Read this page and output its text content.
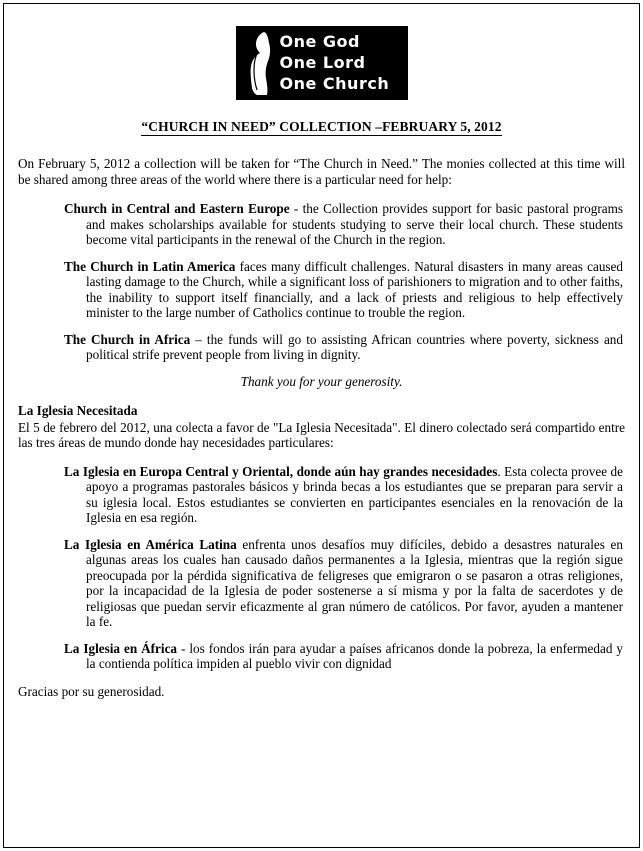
One God
One Lord
One Church
“CHURCH IN NEED” COLLECTION –FEBRUARY 5, 2012

On February 5, 2012 a collection will be taken for “The Church in Need.” The monies collected at this time will be shared among three areas of the world where there is a particular need for help:

Church in Central and Eastern Europe - the Collection provides support for basic pastoral programs and makes scholarships available for students studying to serve their local church. These students become vital participants in the renewal of the Church in the region.

The Church in Latin America faces many difficult challenges. Natural disasters in many areas caused lasting damage to the Church, while a significant loss of parishioners to migration and to other faiths, the inability to support itself financially, and a lack of priests and religious to help effectively minister to the large number of Catholics continue to trouble the region.

The Church in Africa – the funds will go to assisting African countries where poverty, sickness and political strife prevent people from living in dignity.

Thank you for your generosity.

La Iglesia Necesitada

El 5 de febrero del 2012, una colecta a favor de "La Iglesia Necesitada". El dinero colectado será compartido entre las tres áreas de mundo donde hay necesidades particulares:

La Iglesia en Europa Central y Oriental, donde aún hay grandes necesidades. Esta colecta provee de apoyo a programas pastorales básicos y brinda becas a los estudiantes que se preparan para servir a su iglesia local. Estos estudiantes se convierten en participantes esenciales en la renovación de la Iglesia en esa región.

La Iglesia en América Latina enfrenta unos desafíos muy difíciles, debido a desastres naturales en algunas areas los cuales han causado daños permanentes a la Iglesia, mientras que la región sigue preocupada por la pérdida significativa de feligreses que emigraron o se pasaron a otras religiones, por la incapacidad de la Iglesia de poder sostenerse a sí misma y por la falta de sacerdotes y de religiosas que puedan servir eficazmente al gran número de católicos. Por favor, ayuden a mantener la fe.

La Iglesia en África - los fondos irán para ayudar a países africanos donde la pobreza, la enfermedad y la contienda política impiden al pueblo vivir con dignidad

Gracias por su generosidad.
